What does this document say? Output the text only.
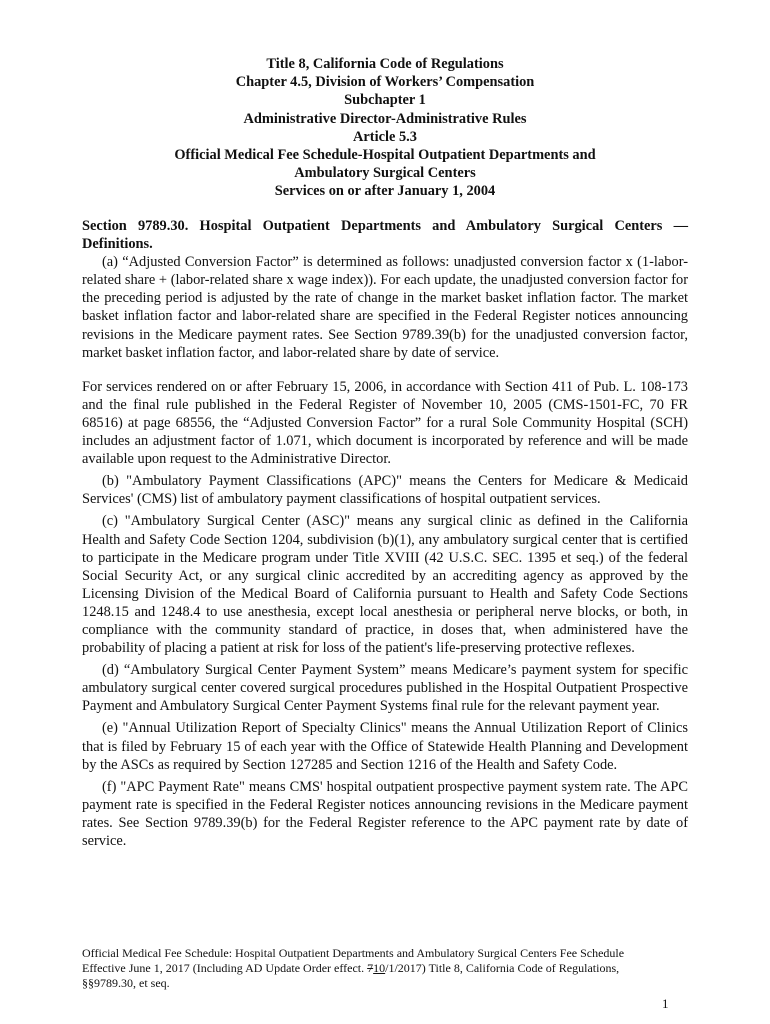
Title 8, California Code of Regulations
Chapter 4.5, Division of Workers’ Compensation
Subchapter 1
Administrative Director-Administrative Rules
Article 5.3
Official Medical Fee Schedule-Hospital Outpatient Departments and
Ambulatory Surgical Centers
Services on or after January 1, 2004

Section 9789.30. Hospital Outpatient Departments and Ambulatory Surgical Centers — Definitions.

(a) “Adjusted Conversion Factor” is determined as follows: unadjusted conversion factor x (1-labor-related share + (labor-related share x wage index)). For each update, the unadjusted conversion factor for the preceding period is adjusted by the rate of change in the market basket inflation factor. The market basket inflation factor and labor-related share are specified in the Federal Register notices announcing revisions in the Medicare payment rates. See Section 9789.39(b) for the unadjusted conversion factor, market basket inflation factor, and labor-related share by date of service.

For services rendered on or after February 15, 2006, in accordance with Section 411 of Pub. L. 108-173 and the final rule published in the Federal Register of November 10, 2005 (CMS-1501-FC, 70 FR 68516) at page 68556, the “Adjusted Conversion Factor” for a rural Sole Community Hospital (SCH) includes an adjustment factor of 1.071, which document is incorporated by reference and will be made available upon request to the Administrative Director.

(b) "Ambulatory Payment Classifications (APC)" means the Centers for Medicare & Medicaid Services' (CMS) list of ambulatory payment classifications of hospital outpatient services.

(c) "Ambulatory Surgical Center (ASC)" means any surgical clinic as defined in the California Health and Safety Code Section 1204, subdivision (b)(1), any ambulatory surgical center that is certified to participate in the Medicare program under Title XVIII (42 U.S.C. SEC. 1395 et seq.) of the federal Social Security Act, or any surgical clinic accredited by an accrediting agency as approved by the Licensing Division of the Medical Board of California pursuant to Health and Safety Code Sections 1248.15 and 1248.4 to use anesthesia, except local anesthesia or peripheral nerve blocks, or both, in compliance with the community standard of practice, in doses that, when administered have the probability of placing a patient at risk for loss of the patient's life-preserving protective reflexes.

(d) “Ambulatory Surgical Center Payment System” means Medicare’s payment system for specific ambulatory surgical center covered surgical procedures published in the Hospital Outpatient Prospective Payment and Ambulatory Surgical Center Payment Systems final rule for the relevant payment year.

(e) "Annual Utilization Report of Specialty Clinics" means the Annual Utilization Report of Clinics that is filed by February 15 of each year with the Office of Statewide Health Planning and Development by the ASCs as required by Section 127285 and Section 1216 of the Health and Safety Code.

(f) "APC Payment Rate" means CMS' hospital outpatient prospective payment system rate. The APC payment rate is specified in the Federal Register notices announcing revisions in the Medicare payment rates. See Section 9789.39(b) for the Federal Register reference to the APC payment rate by date of service.

Official Medical Fee Schedule: Hospital Outpatient Departments and Ambulatory Surgical Centers Fee Schedule
Effective June 1, 2017 (Including AD Update Order effect. 710/1/2017) Title 8, California Code of Regulations,
§§9789.30, et seq.
1
